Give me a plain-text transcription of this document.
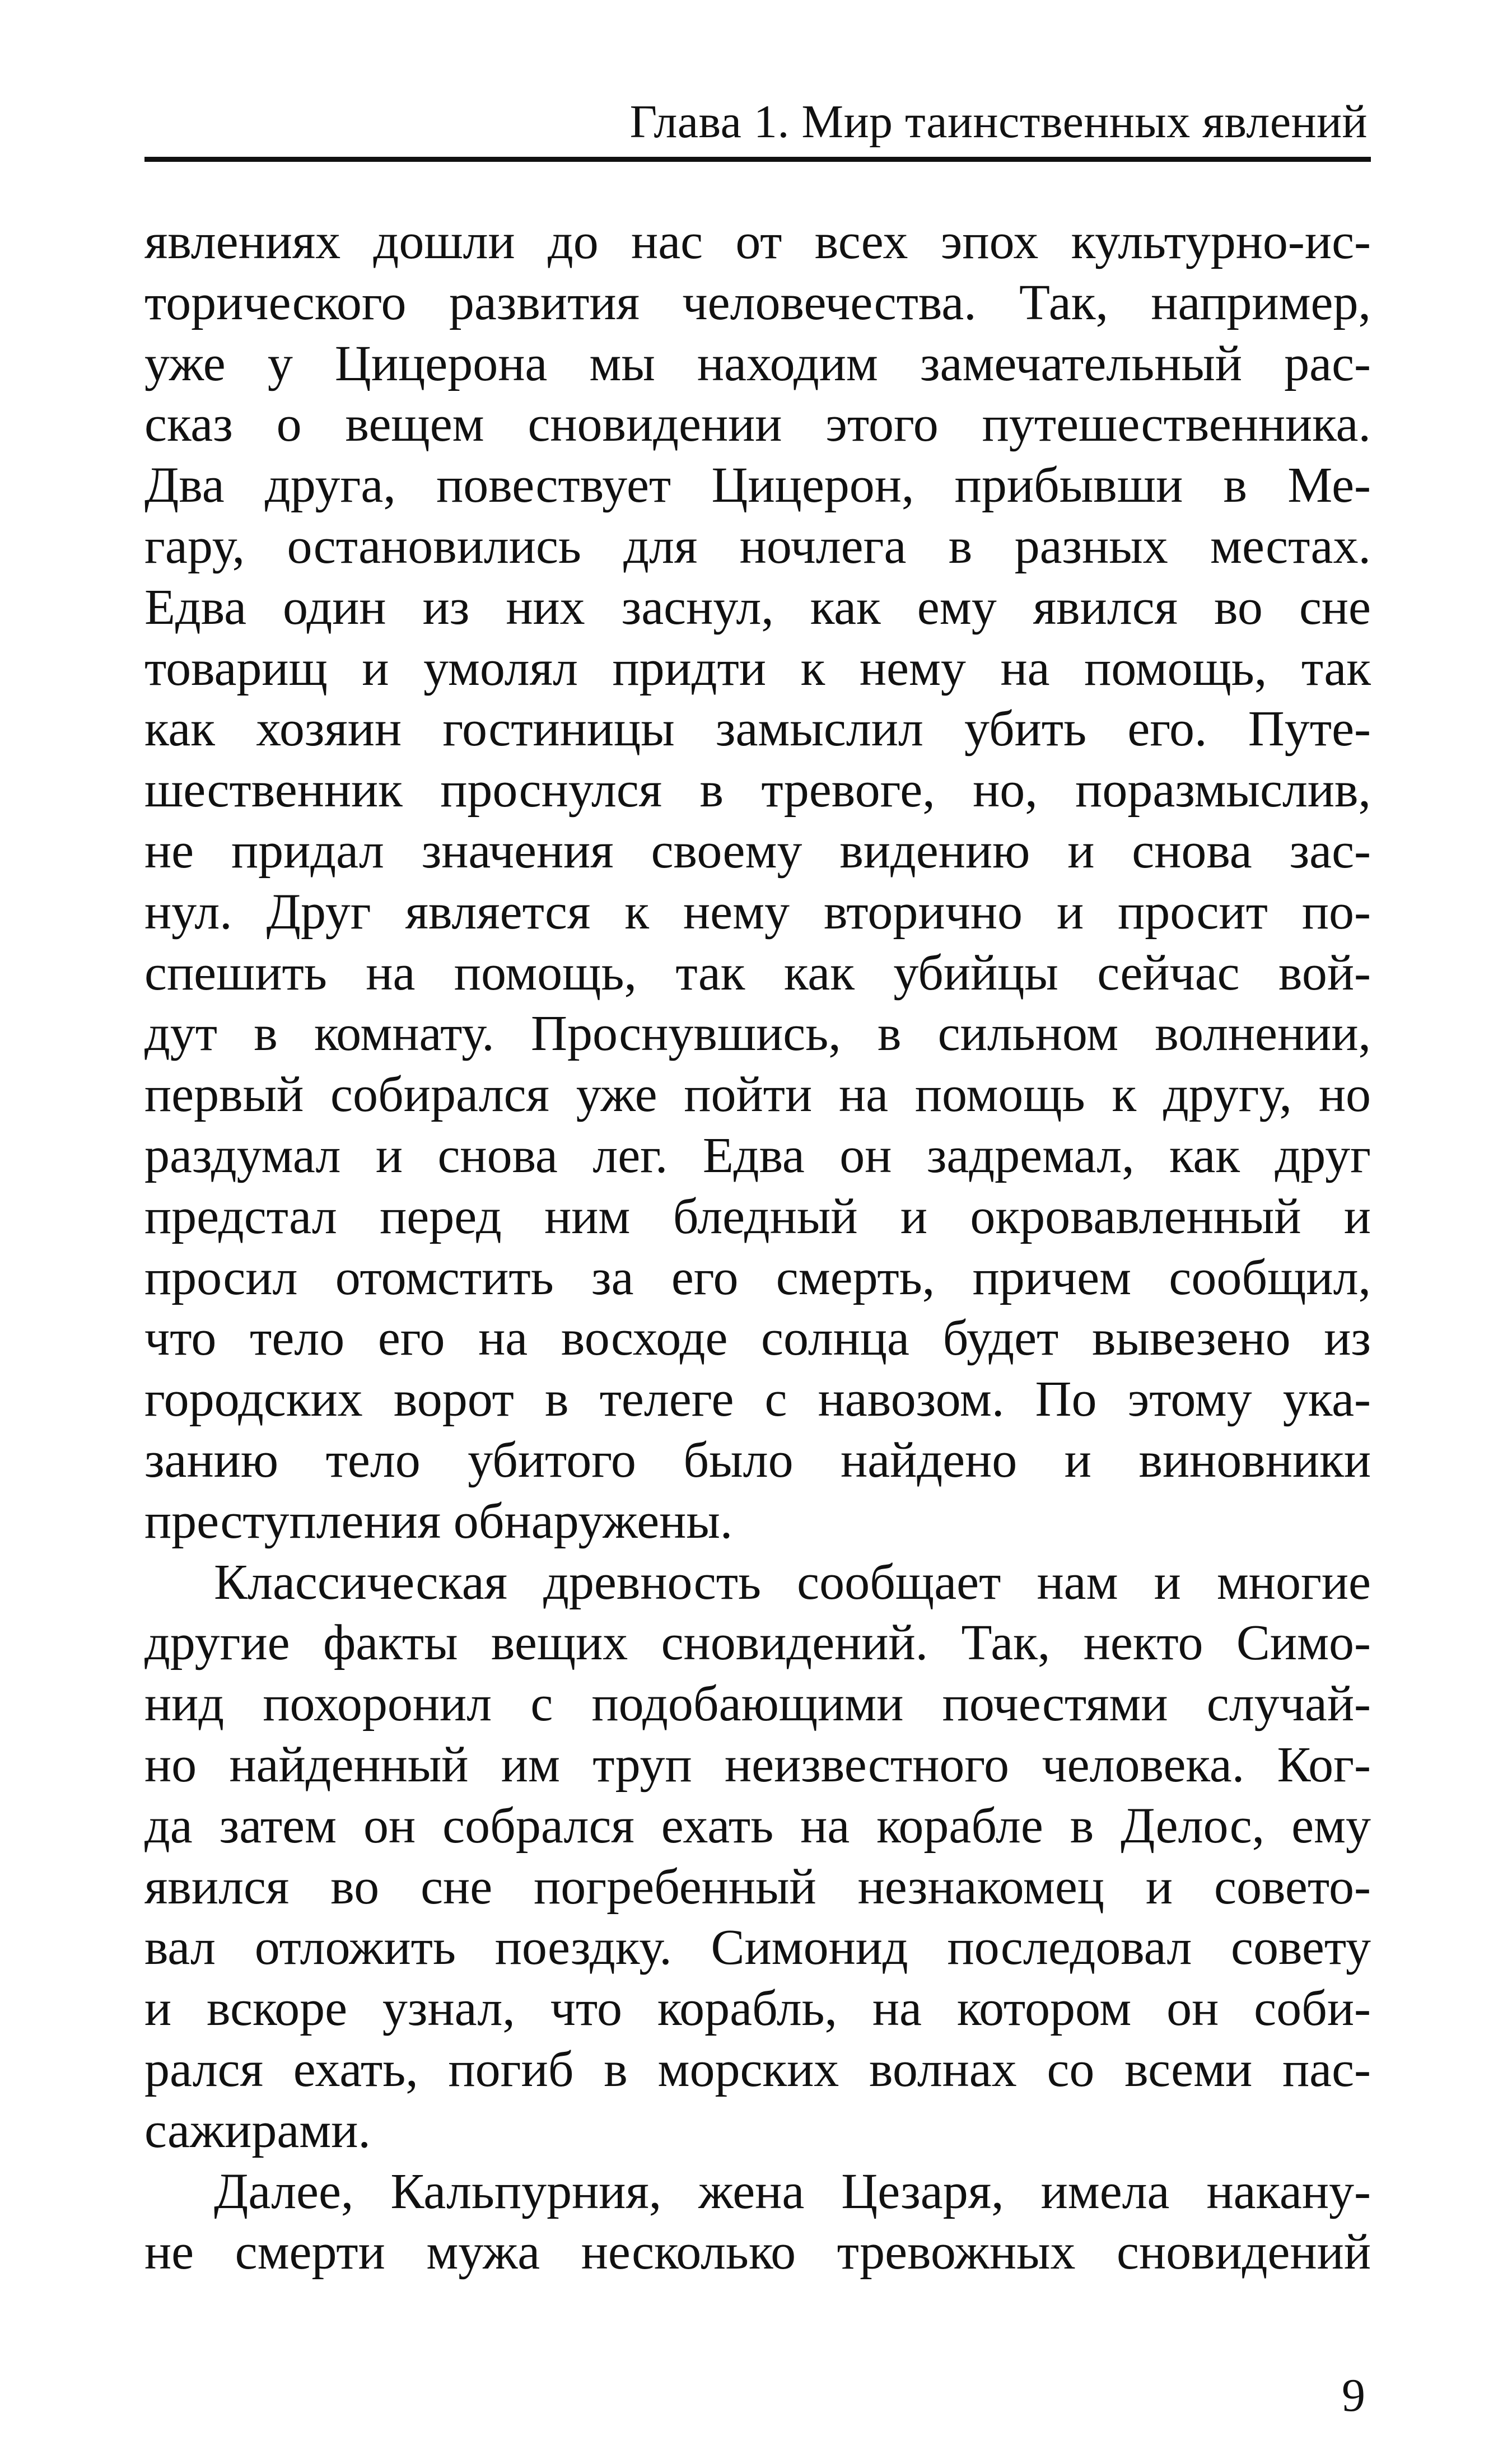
Глава 1. Мир таинственных явлений
явлениях дошли до нас от всех эпох культурно-ис-
торического развития человечества. Так, например,
уже у Цицерона мы находим замечательный рас-
сказ о вещем сновидении этого путешественника.
Два друга, повествует Цицерон, прибывши в Ме-
гару, остановились для ночлега в разных местах.
Едва один из них заснул, как ему явился во сне
товарищ и умолял придти к нему на помощь, так
как хозяин гостиницы замыслил убить его. Путе-
шественник проснулся в тревоге, но, поразмыслив,
не придал значения своему видению и снова зас-
нул. Друг является к нему вторично и просит по-
спешить на помощь, так как убийцы сейчас вой-
дут в комнату. Проснувшись, в сильном волнении,
первый собирался уже пойти на помощь к другу, но
раздумал и снова лег. Едва он задремал, как друг
предстал перед ним бледный и окровавленный и
просил отомстить за его смерть, причем сообщил,
что тело его на восходе солнца будет вывезено из
городских ворот в телеге с навозом. По этому ука-
занию тело убитого было найдено и виновники
преступления обнаружены.
Классическая древность сообщает нам и многие
другие факты вещих сновидений. Так, некто Симо-
нид похоронил с подобающими почестями случай-
но найденный им труп неизвестного человека. Ког-
да затем он собрался ехать на корабле в Делос, ему
явился во сне погребенный незнакомец и совето-
вал отложить поездку. Симонид последовал совету
и вскоре узнал, что корабль, на котором он соби-
рался ехать, погиб в морских волнах со всеми пас-
сажирами.
Далее, Кальпурния, жена Цезаря, имела накану-
не смерти мужа несколько тревожных сновидений
9
